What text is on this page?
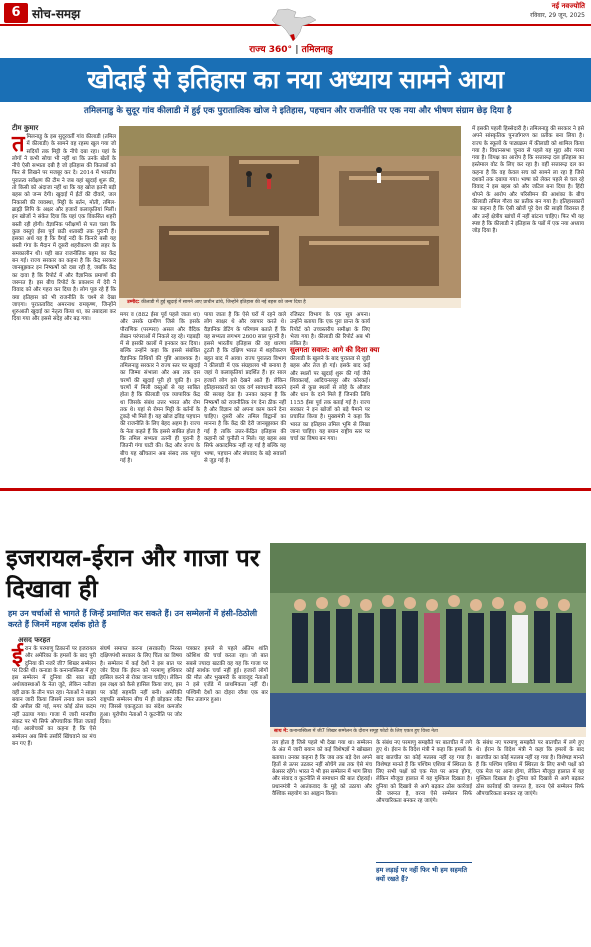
6 सोच-समझ
नई नवज्योति
रविवार, 29 जून, 2025
राज्य 360° | तमिलनाडु
खोदाई से इतिहास का नया अध्याय सामने आया
तमिलनाडु के सुदूर गांव कीलाडी में हुई एक पुरातात्विक खोज ने इतिहास, पहचान और राजनीति पर एक नया और भीषण संग्राम छेड़ दिया है
टीम कुमार
तमिलनाडु के इस सुदूरवर्ती गांव कीलाडी (तमिल में कीलाडी) के सामने वह रहस्य खुल गया जो सदियों तक मिट्टी के नीचे दबा रहा। यहां के लोगों ने कभी सोचा भी नहीं था कि उनके खेतों के नीचे ऐसी सभ्यता दबी है जो इतिहास की किताबों को फिर से लिखने पर मजबूर कर दे। 2014 में भारतीय पुरातत्व सर्वेक्षण की टीम ने जब यहां खुदाई शुरू की, तो किसी को अंदाजा नहीं था कि यह खोज इतनी बड़ी बहस को जन्म देगी। खुदाई में ईंटों की दीवारें, जल निकासी की व्यवस्था, मिट्टी के बर्तन, मोती, तमिल-ब्राह्मी लिपि के अक्षर और हजारों कलाकृतियां मिलीं। इन खोजों ने संकेत दिया कि यहां एक विकसित शहरी बस्ती रही होगी। वैज्ञानिक परीक्षणों से पता चला कि कुछ वस्तुएं ईसा पूर्व छठी शताब्दी तक पुरानी हैं। इसका अर्थ यह है कि वैगई नदी के किनारे बसी यह बस्ती गंगा के मैदान में दूसरी शहरीकरण की लहर के समकालीन थी। यही बात राजनीतिक बहस का केंद्र बन गई। राज्य सरकार का कहना है कि केंद्र सरकार जानबूझकर इन निष्कर्षों को दबा रही है, जबकि केंद्र का दावा है कि रिपोर्ट में और वैज्ञानिक प्रमाणों की जरूरत है। इस बीच रिपोर्ट के प्रकाशन में देरी ने विवाद को और गहरा कर दिया है। लोग पूछ रहे हैं कि क्या इतिहास को भी राजनीति के चश्मे से देखा जाएगा। पुरातत्वविद अमरनाथ रामकृष्ण, जिन्होंने शुरुआती खुदाई का नेतृत्व किया था, का तबादला कर दिया गया और इससे संदेह और बढ़ गया।
उम्मीद: कीलाडी में हुई खुदाई में सामने आए प्राचीन ढांचे, जिन्होंने इतिहास की नई बहस को जन्म दिया है
मगर व (882 ईसा पूर्व पहले जाता था) और उसके ग्रामीण जिसे कि इसके पौराणिक (परम्परा) असल और वैदिक लेखन परंपराओं में निकले रह रहे। गड़बड़ी में से इसकी कालों में इनकार कर दिया। बल्कि उन्होंने कहा कि इससे संबंधित वैज्ञानिक तिथियों की पुष्टि आवश्यक है। तमिलनाडु सरकार ने राज्य स्तर पर खुदाई का जिम्मा संभाला और अब तक दस चरणों की खुदाई पूरी हो चुकी है। इन चरणों में मिली वस्तुओं से यह साबित होता है कि कीलाडी एक व्यापारिक केंद्र था जिसके संबंध उत्तर भारत और रोम तक थे। यहां से रोमन मिट्टी के बर्तनों के टुकड़े भी मिले हैं। यह खोज द्रविड़ पहचान की राजनीति के लिए बेहद अहम है। राज्य के नेता कहते हैं कि इससे साबित होता है कि तमिल सभ्यता उतनी ही पुरानी है जितनी गंगा घाटी की। केंद्र और राज्य के बीच यह खींचतान अब संसद तक पहुंच गई है।
पाया जाता है कि ऐसे घरों में रहने वाले लोग साक्षर थे और व्यापार करते थे। वैज्ञानिक डेटिंग के परिणाम बताते हैं कि यह सभ्यता लगभग 2600 साल पुरानी है। इससे भारतीय इतिहास की वह धारणा टूटती है कि दक्षिण भारत में शहरीकरण बहुत बाद में आया। राज्य पुरातत्व विभाग ने कीलाडी में एक संग्रहालय भी बनाया है जहां ये कलाकृतियां प्रदर्शित हैं। हर साल हजारों लोग इसे देखने आते हैं। लेकिन इतिहासकारों का एक वर्ग सावधानी बरतने की सलाह देता है। उनका कहना है कि निष्कर्षों को राजनीतिक रंग देना ठीक नहीं है और विज्ञान को अपना काम करने देना चाहिए। दूसरी ओर तमिल विद्वानों का मानना है कि केंद्र की देरी जानबूझकर की गई है ताकि उत्तर-केंद्रित इतिहास की कहानी को चुनौती न मिले। यह बहस अब सिर्फ अकादमिक नहीं रह गई है बल्कि यह भाषा, पहचान और संघवाद के बड़े सवालों से जुड़ गई है।
रजिस्टर विभाग के एक सूत्र अपना। उन्होंने बताया कि एक पुरा प्रान्त के कार्य रिपोर्ट को उच्चस्तरीय समीक्षा के लिए भेजा गया है। कीलाडी की रिपोर्ट अब भी लंबित है।
सुलगता सवाल: आगे की दिशा क्या
कीलाडी के खुलने के बाद पुरातत्व से जुड़ी बहस और तेज हो गई। इसके बाद कई और स्थलों पर खुदाई शुरू की गई जैसे शिवकलई, आदिचनल्लूर और कोरकई। इनमें से कुछ स्थलों से लोहे के औजार और धान के दाने मिले हैं जिनकी तिथि 1155 ईसा पूर्व तक बताई गई है। राज्य सरकार ने इन खोजों को बड़े पैमाने पर प्रचारित किया है। मुख्यमंत्री ने कहा कि भारत का इतिहास तमिल भूमि से लिखा जाना चाहिए। यह बयान राष्ट्रीय स्तर पर चर्चा का विषय बन गया।
में इसकी पहली हिस्सेदारी है। तमिलनाडु की सरकार ने इसे अपने सांस्कृतिक पुनर्जागरण का प्रतीक बना लिया है। राज्य के स्कूलों के पाठ्यक्रम में कीलाडी को शामिल किया गया है। विधानसभा चुनाव से पहले यह मुद्दा और गरमा गया है। विपक्ष का आरोप है कि सत्तारूढ़ दल इतिहास का इस्तेमाल वोट के लिए कर रहा है। वहीं सत्तारूढ़ दल का कहना है कि वह केवल सच को सामने ला रहा है जिसे दशकों तक दबाया गया। भाषा को लेकर पहले से चल रहे विवाद ने इस बहस को और जटिल बना दिया है। हिंदी थोपने के आरोप और परिसीमन की आशंका के बीच कीलाडी तमिल गौरव का प्रतीक बन गया है। इतिहासकारों का कहना है कि ऐसी खोजें पूरे देश की साझी विरासत हैं और उन्हें क्षेत्रीय खांचों में नहीं बांटना चाहिए। फिर भी यह स्पष्ट है कि कीलाडी ने इतिहास के पन्नों में एक नया अध्याय जोड़ दिया है।
इजरायल-ईरान और गाजा पर दिखावा ही
हम उन चर्चाओं से भागते हैं जिन्हें प्रमाणित कर सकते हैं। उन सम्मेलनों में हंसी-ठिठोली करते हैं जिनमें महज दर्शक होते हैं
असद फरहत
ईरान के परमाणु ठिकानों पर इजरायल और अमेरिका के हमलों के बाद पूरी दुनिया की नजरें जी7 शिखर सम्मेलन पर टिकी थीं। कनाडा के कनानास्किस में हुए इस सम्मेलन में दुनिया की सात बड़ी अर्थव्यवस्थाओं के नेता जुटे, लेकिन नतीजा वही ढाक के तीन पात रहा। नेताओं ने साझा बयान जारी किया जिसमें तनाव कम करने की अपील की गई, मगर कोई ठोस कदम नहीं उठाया गया। गाजा में जारी मानवीय संकट पर भी सिर्फ औपचारिक चिंता जताई गई। आलोचकों का कहना है कि ऐसे सम्मेलन अब सिर्फ तस्वीरें खिंचवाने का मंच बन गए हैं।
संघर्ष समाप्त करना (सरकारी) निरस्त दक्षिणपंथी सरकार के लिए चिंता का विषय है। सम्मेलन में कई देशों ने इस बात पर जोर दिया कि ईरान को परमाणु हथियार हासिल करने से रोका जाना चाहिए। लेकिन इस लक्ष्य को कैसे हासिल किया जाए, इस पर कोई सहमति नहीं बनी। अमेरिकी राष्ट्रपति सम्मेलन बीच में ही छोड़कर लौट गए जिससे एकजुटता का संदेश कमजोर हुआ। यूरोपीय नेताओं ने कूटनीति पर जोर दिया।
पत्रकार हमले से पहले अंतिम शांति कोशिश की चर्चा करता रहा। जो बात सबसे ज्यादा खटकी वह यह कि गाजा पर कोई सार्थक चर्चा नहीं हुई। हजारों लोगों की मौत और भुखमरी के बावजूद नेताओं ने इसे एजेंडे में प्राथमिकता नहीं दी। पश्चिमी देशों का दोहरा रवैया एक बार फिर उजागर हुआ।
साथ में: कनानास्किस में जी7 शिखर सम्मेलन के दौरान समूह फोटो के लिए एकत्र हुए विश्व नेता
तय होता है जिसे पहले भी देखा गया था। सम्मेलन के अंत में जारी बयान को कई विशेषज्ञों ने खोखला बताया। उनका कहना है कि जब तक बड़े देश अपने हितों से ऊपर उठकर नहीं सोचेंगे तब तक ऐसे मंच बेअसर रहेंगे। भारत ने भी इस सम्मेलन में भाग लिया और संवाद व कूटनीति से समाधान की बात दोहराई। प्रधानमंत्री ने आतंकवाद के मुद्दे को उठाया और वैश्विक सहयोग का आह्वान किया।
के संबंध नए परमाणु समझौते पर बातचीत में लगे हुए थे। ईरान के विदेश मंत्री ने कहा कि हमलों के बाद बातचीत का कोई मतलब नहीं रह गया है। विशेषज्ञ मानते हैं कि पश्चिम एशिया में स्थिरता के लिए सभी पक्षों को एक मेज पर आना होगा, लेकिन मौजूदा हालात में यह मुश्किल दिखता है। दुनिया को दिखावे से आगे बढ़कर ठोस कार्रवाई की जरूरत है, वरना ऐसे सम्मेलन सिर्फ औपचारिकता बनकर रह जाएंगे।
हम लड़ाई पर नहीं फिर भी हम सहमति क्यों रखते हैं?
के संबंध नए परमाणु समझौते पर बातचीत में लगे हुए थे। ईरान के विदेश मंत्री ने कहा कि हमलों के बाद बातचीत का कोई मतलब नहीं रह गया है। विशेषज्ञ मानते हैं कि पश्चिम एशिया में स्थिरता के लिए सभी पक्षों को एक मेज पर आना होगा, लेकिन मौजूदा हालात में यह मुश्किल दिखता है। दुनिया को दिखावे से आगे बढ़कर ठोस कार्रवाई की जरूरत है, वरना ऐसे सम्मेलन सिर्फ औपचारिकता बनकर रह जाएंगे।
